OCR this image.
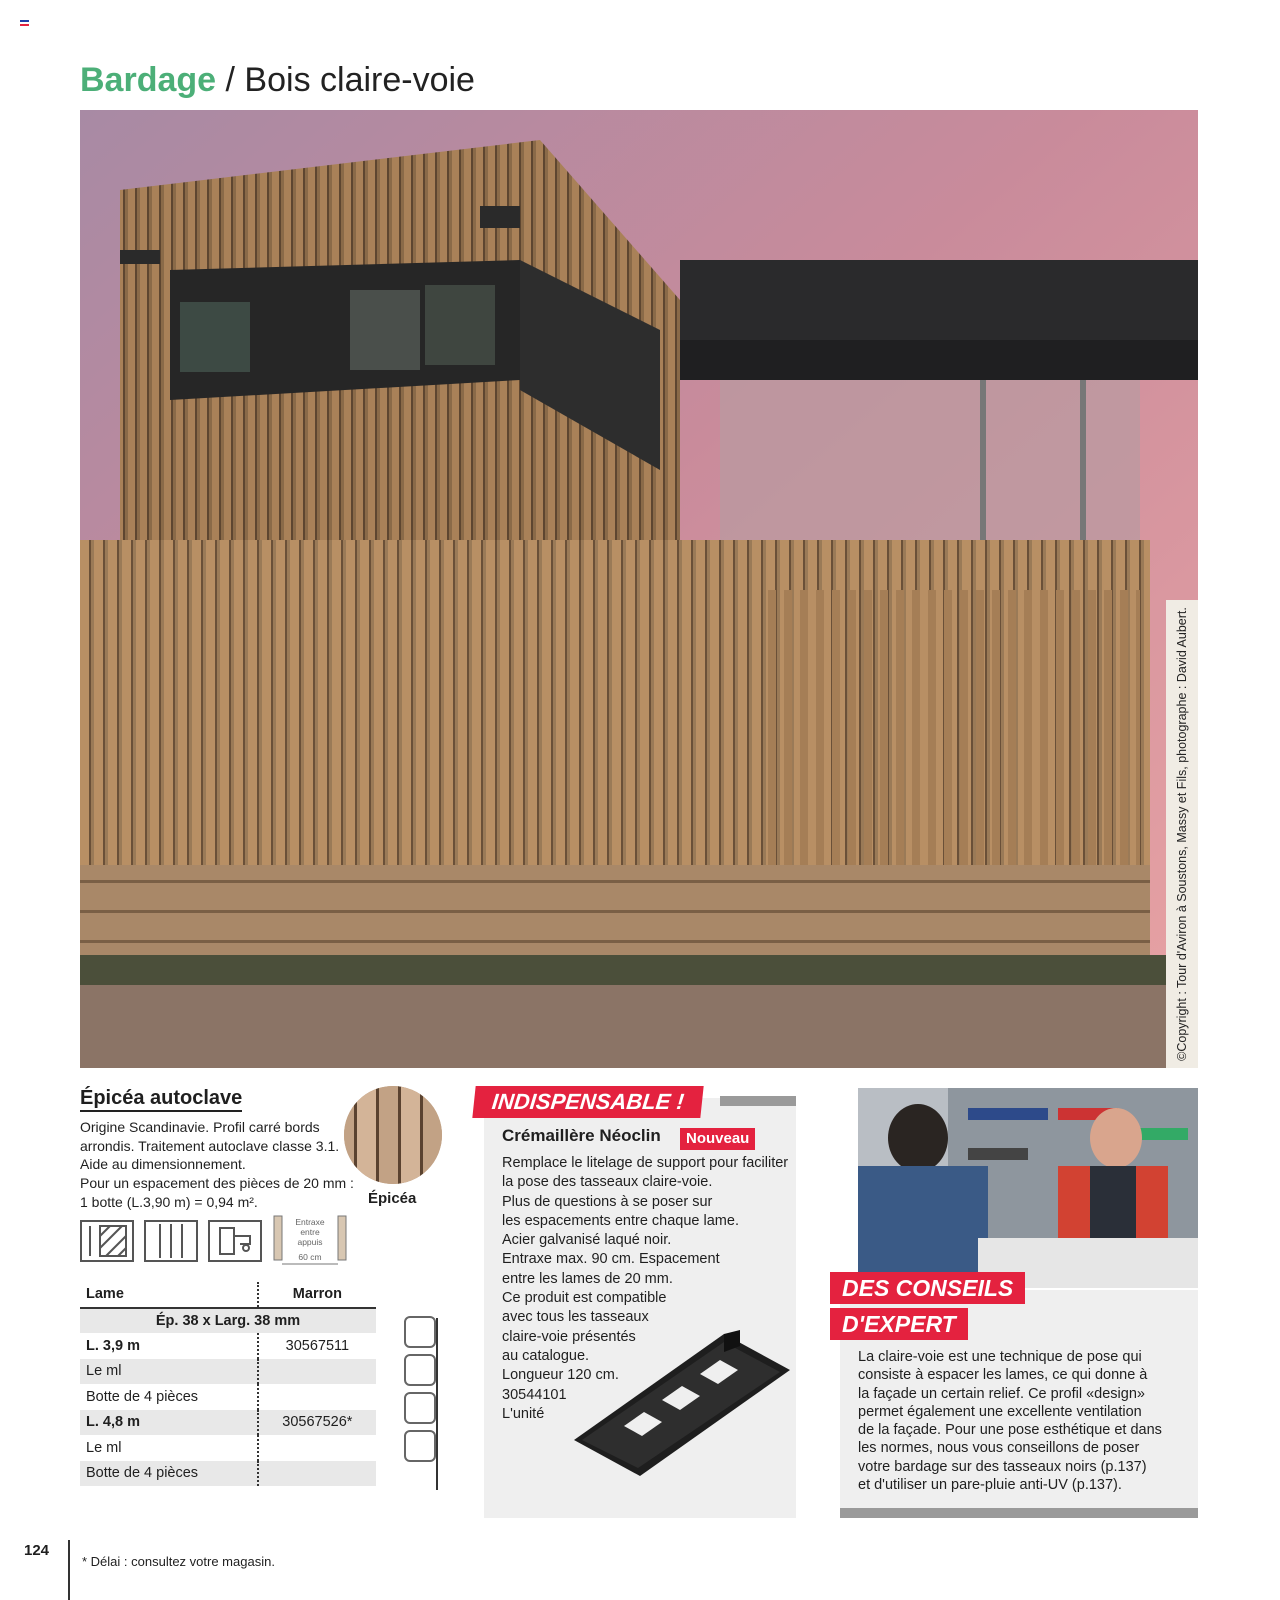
Bardage / Bois claire-voie
©Copyright : Tour d'Aviron à Soustons, Massy et Fils, photographe : David Aubert.
Épicéa autoclave
Origine Scandinavie. Profil carré bords
arrondis. Traitement autoclave classe 3.1.
Aide au dimensionnement.
Pour un espacement des pièces de 20 mm :
1 botte (L.3,90 m) = 0,94 m².	Épicéa
Entraxe
entre
appuis
60 cm
Lame	Marron
Ép. 38 x Larg. 38 mm	
L. 3,9 m	30567511
Le ml	
Botte de 4 pièces	
L. 4,8 m	30567526*
Le ml	
Botte de 4 pièces	
INDISPENSABLE !
Crémaillère Néoclin	Nouveau
Remplace le litelage de support pour faciliter
la pose des tasseaux claire-voie.
Plus de questions à se poser sur
les espacements entre chaque lame.
Acier galvanisé laqué noir.
Entraxe max. 90 cm. Espacement
entre les lames de 20 mm.
Ce produit est compatible
avec tous les tasseaux
claire-voie présentés
au catalogue.
Longueur 120 cm.
30544101
L'unité
DES CONSEILS
D'EXPERT
La claire-voie est une technique de pose qui
consiste à espacer les lames, ce qui donne à
la façade un certain relief. Ce profil «design»
permet également une excellente ventilation
de la façade. Pour une pose esthétique et dans
les normes, nous vous conseillons de poser
votre bardage sur des tasseaux noirs (p.137)
et d'utiliser un pare-pluie anti-UV (p.137).
124
* Délai : consultez votre magasin.
